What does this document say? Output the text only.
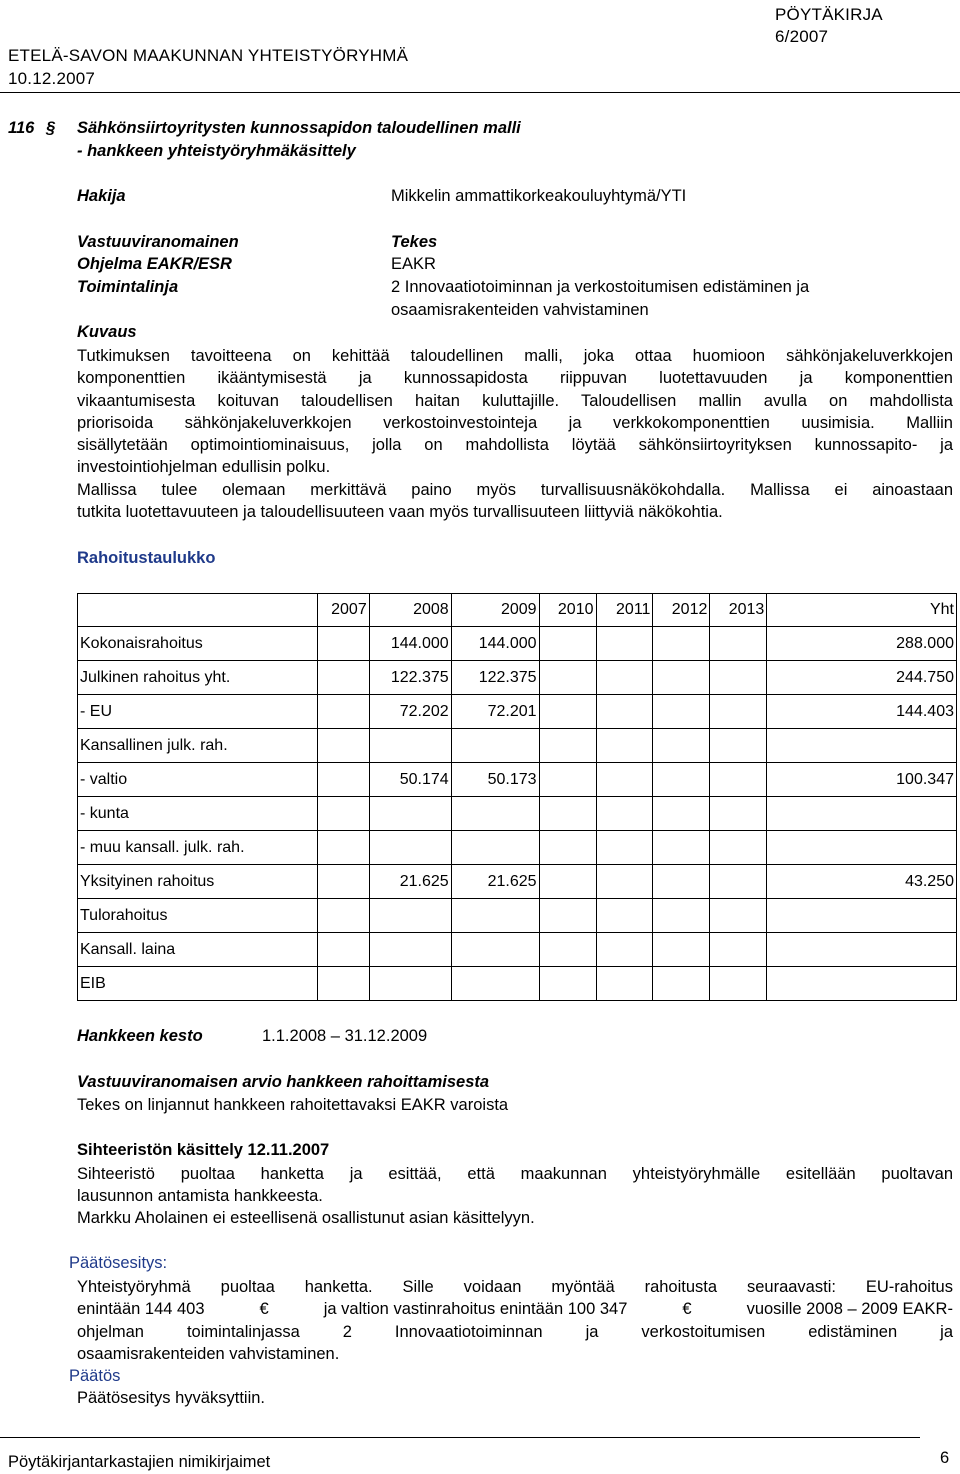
PÖYTÄKIRJA
ETELÄ-SAVON MAAKUNNAN YHTEISTYÖRYHMÄ
6/2007
10.12.2007
116 § Sähkönsiirtoyritysten kunnossapidon taloudellinen malli
- hankkeen yhteistyöryhmäkäsittely
Hakija	Mikkelin ammattikorkeakouluyhtymä/YTI
Vastuuviranomainen	Tekes
Ohjelma EAKR/ESR	EAKR
Toimintalinja	2 Innovaatiotoiminnan ja verkostoitumisen edistäminen ja
osaamisrakenteiden vahvistaminen
Kuvaus
Tutkimuksen tavoitteena on kehittää taloudellinen malli, joka ottaa huomioon sähkönjakeluverkkojen
komponenttien ikääntymisestä ja kunnossapidosta riippuvan luotettavuuden ja komponenttien
vikaantumisesta koituvan taloudellisen haitan kuluttajille. Taloudellisen mallin avulla on mahdollista
priorisoida sähkönjakeluverkkojen verkostoinvestointeja ja verkkokomponenttien uusimisia. Malliin
sisällytetään optimointiominaisuus, jolla on mahdollista löytää sähkönsiirtoyrityksen kunnossapito- ja
investointiohjelman edullisin polku.
Mallissa tulee olemaan merkittävä paino myös turvallisuusnäkökohdalla. Mallissa ei ainoastaan
tutkita luotettavuuteen ja taloudellisuuteen vaan myös turvallisuuteen liittyviä näkökohtia.
Rahoitustaulukko
	2007	2008	2009	2010	2011	2012	2013	Yht
Kokonaisrahoitus		144.000	144.000					288.000
Julkinen rahoitus yht.		122.375	122.375					244.750
- EU		72.202	72.201					144.403
Kansallinen julk. rah.								
- valtio		50.174	50.173					100.347
- kunta								
- muu kansall. julk. rah.								
Yksityinen rahoitus		21.625	21.625					43.250
Tulorahoitus								
Kansall. laina								
EIB								
Hankkeen kesto	1.1.2008 – 31.12.2009
Vastuuviranomaisen arvio hankkeen rahoittamisesta
Tekes on linjannut hankkeen rahoitettavaksi EAKR varoista
Sihteeristön käsittely 12.11.2007
Sihteeristö puoltaa hanketta ja esittää, että maakunnan yhteistyöryhmälle esitellään puoltavan
lausunnon antamista hankkeesta.
Markku Aholainen ei esteellisenä osallistunut asian käsittelyyn.
Päätösesitys:
Yhteistyöryhmä puoltaa hanketta. Sille voidaan myöntää rahoitusta seuraavasti: EU-rahoitus
enintään 144 403	€	ja valtion vastinrahoitus enintään 100 347	€	vuosille 2008 – 2009 EAKR-
ohjelman toimintalinjassa 2 Innovaatiotoiminnan ja verkostoitumisen edistäminen ja
osaamisrakenteiden vahvistaminen.
Päätös
Päätösesitys hyväksyttiin.
Pöytäkirjantarkastajien nimikirjaimet	6
